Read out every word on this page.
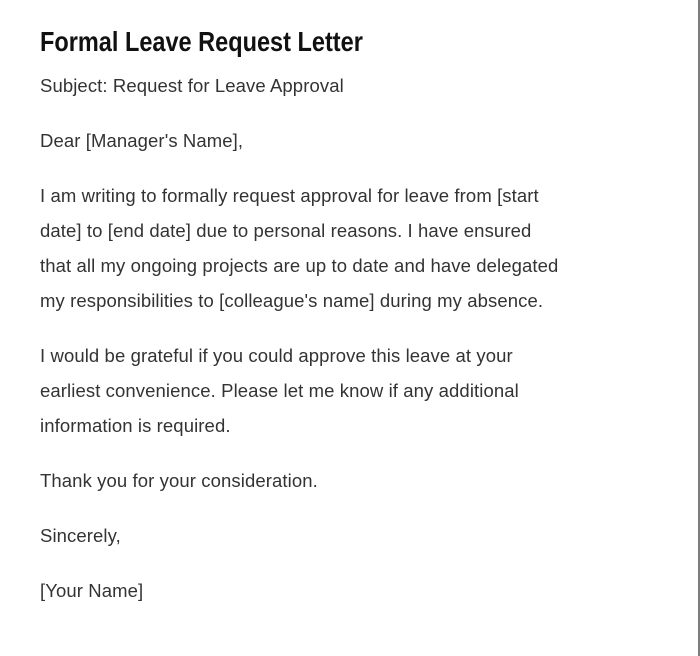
Formal Leave Request Letter

Subject: Request for Leave Approval

Dear [Manager's Name],

I am writing to formally request approval for leave from [start
date] to [end date] due to personal reasons. I have ensured
that all my ongoing projects are up to date and have delegated
my responsibilities to [colleague's name] during my absence.
I would be grateful if you could approve this leave at your
earliest convenience. Please let me know if any additional
information is required.

Thank you for your consideration.

Sincerely,

[Your Name]
